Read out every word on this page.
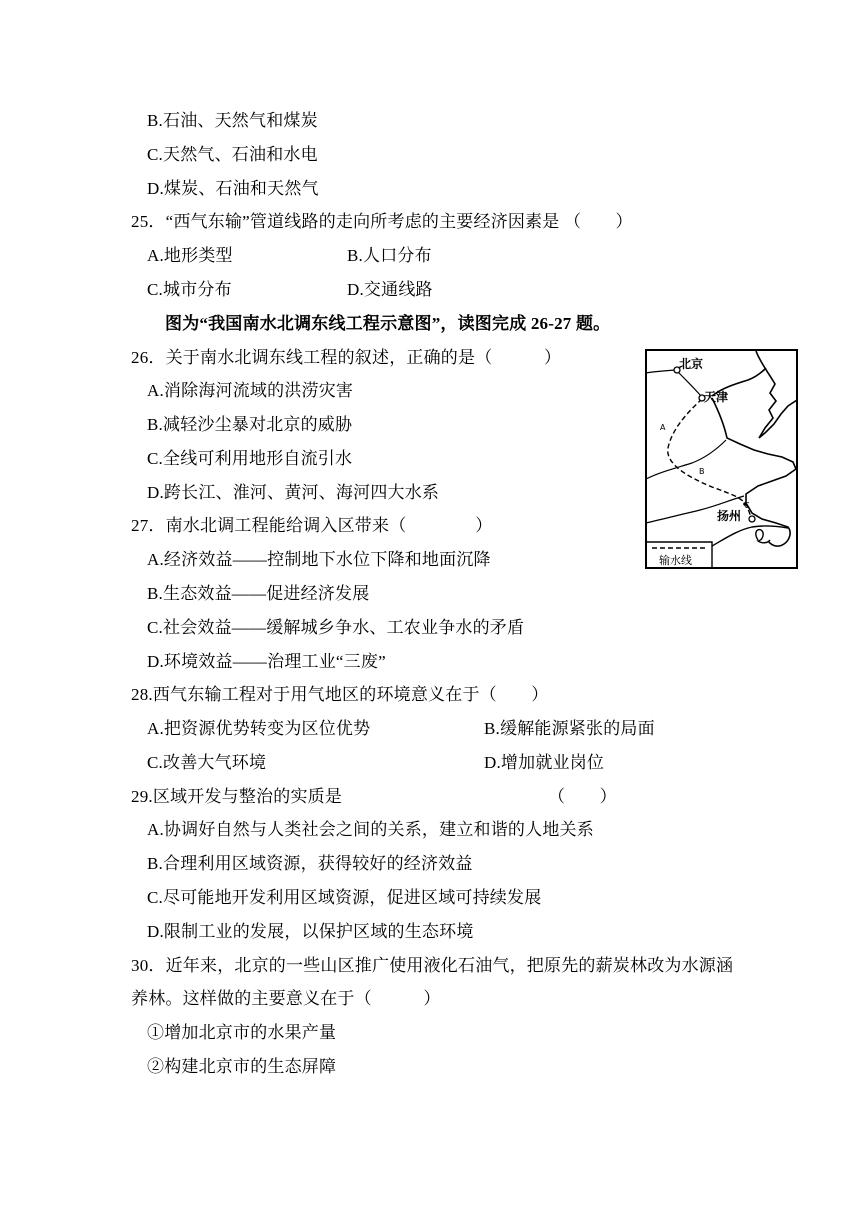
B.石油、天然气和煤炭
C.天然气、石油和水电
D.煤炭、石油和天然气
25．“西气东输”管道线路的走向所考虑的主要经济因素是 （　　）
A.地形类型	B.人口分布
C.城市分布	D.交通线路
图为“我国南水北调东线工程示意图”，读图完成 26-27 题。
26．关于南水北调东线工程的叙述，正确的是（　　　）
A.消除海河流域的洪涝灾害
B.减轻沙尘暴对北京的威胁
C.全线可利用地形自流引水
D.跨长江、淮河、黄河、海河四大水系
27．南水北调工程能给调入区带来（　　　　）
A.经济效益——控制地下水位下降和地面沉降
B.生态效益——促进经济发展
C.社会效益——缓解城乡争水、工农业争水的矛盾
D.环境效益——治理工业“三废”
28.西气东输工程对于用气地区的环境意义在于（　　）
A.把资源优势转变为区位优势	B.缓解能源紧张的局面
C.改善大气环境	D.增加就业岗位
29.区域开发与整治的实质是	（　　）
A.协调好自然与人类社会之间的关系，建立和谐的人地关系
B.合理利用区域资源，获得较好的经济效益
C.尽可能地开发利用区域资源，促进区域可持续发展
D.限制工业的发展，以保护区域的生态环境
30．近年来，北京的一些山区推广使用液化石油气，把原先的薪炭林改为水源涵
养林。这样做的主要意义在于（　　　）
①增加北京市的水果产量
②构建北京市的生态屏障
北京
天津
A
B
C
扬州
输水线
